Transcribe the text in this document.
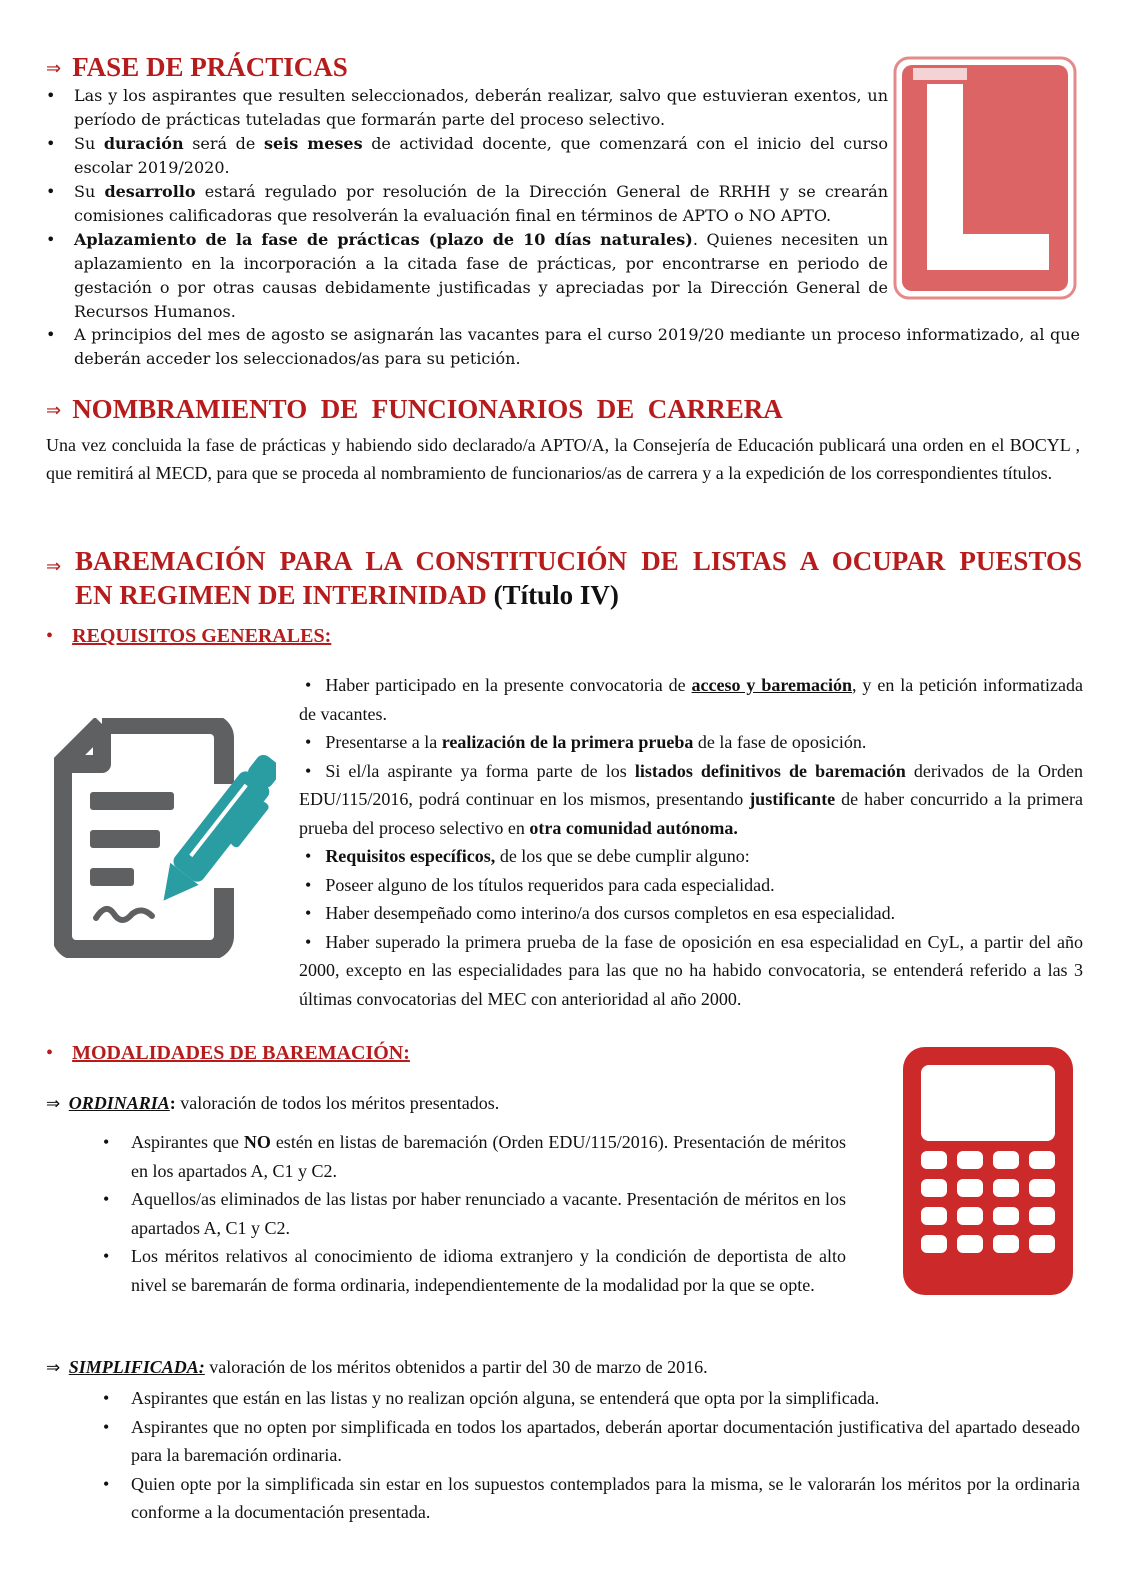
⇒ FASE DE PRÁCTICAS
•	Las y los aspirantes que resulten seleccionados, deberán realizar, salvo que estuvieran exentos, un período de prácticas tuteladas que formarán parte del proceso selectivo.
•	Su duración será de seis meses de actividad docente, que comenzará con el inicio del curso escolar 2019/2020.
•	Su desarrollo estará regulado por resolución de la Dirección General de RRHH y se crearán comisiones calificadoras que resolverán la evaluación final en términos de APTO o NO APTO.
•	Aplazamiento de la fase de prácticas (plazo de 10 días naturales). Quienes necesiten un aplazamiento en la incorporación a la citada fase de prácticas, por encontrarse en periodo de gestación o por otras causas debidamente justificadas y apreciadas por la Dirección General de Recursos Humanos.
•	A principios del mes de agosto se asignarán las vacantes para el curso 2019/20 mediante un proceso informatizado, al que deberán acceder los seleccionados/as para su petición.
⇒ NOMBRAMIENTO  DE  FUNCIONARIOS  DE  CARRERA
Una vez concluida la fase de prácticas y habiendo sido declarado/a APTO/A, la Consejería de Educación publicará una orden en el BOCYL , que remitirá al MECD, para que se proceda al nombramiento de funcionarios/as de carrera y a la expedición de los correspondientes títulos.
⇒ BAREMACIÓN  PARA  LA  CONSTITUCIÓN  DE  LISTAS  A  OCUPAR  PUESTOS EN REGIMEN DE INTERINIDAD (Título IV)
• REQUISITOS GENERALES:
• Haber participado en la presente convocatoria de acceso y baremación, y en la petición informatizada de vacantes.
• Presentarse a la realización de la primera prueba de la fase de oposición.
• Si el/la aspirante ya forma parte de los listados definitivos de baremación derivados de la Orden EDU/115/2016, podrá continuar en los mismos, presentando justificante de haber concurrido a la primera prueba del proceso selectivo en otra comunidad autónoma.
• Requisitos específicos, de los que se debe cumplir alguno:
• Poseer alguno de los títulos requeridos para cada especialidad.
• Haber desempeñado como interino/a dos cursos completos en esa especialidad.
• Haber superado la primera prueba de la fase de oposición en esa especialidad en CyL, a partir del año 2000, excepto en las especialidades para las que no ha habido convocatoria, se entenderá referido a las 3 últimas convocatorias del MEC con anterioridad al año 2000.
• MODALIDADES DE BAREMACIÓN:
⇒ ORDINARIA: valoración de todos los méritos presentados.
•	Aspirantes que NO estén en listas de baremación (Orden EDU/115/2016). Presentación de méritos en los apartados A, C1 y C2.
•	Aquellos/as eliminados de las listas por haber renunciado a vacante. Presentación de méritos en los apartados A, C1 y C2.
•	Los méritos relativos al conocimiento de idioma extranjero y la condición de deportista de alto nivel se baremarán de forma ordinaria, independientemente de la modalidad por la que se opte.
⇒ SIMPLIFICADA: valoración de los méritos obtenidos a partir del 30 de marzo de 2016.
•	Aspirantes que están en las listas y no realizan opción alguna, se entenderá que opta por la simplificada.
•	Aspirantes que no opten por simplificada en todos los apartados, deberán aportar documentación justificativa del apartado deseado para la baremación ordinaria.
•	Quien opte por la simplificada sin estar en los supuestos contemplados para la misma, se le valorarán los méritos por la ordinaria conforme a la documentación presentada.
